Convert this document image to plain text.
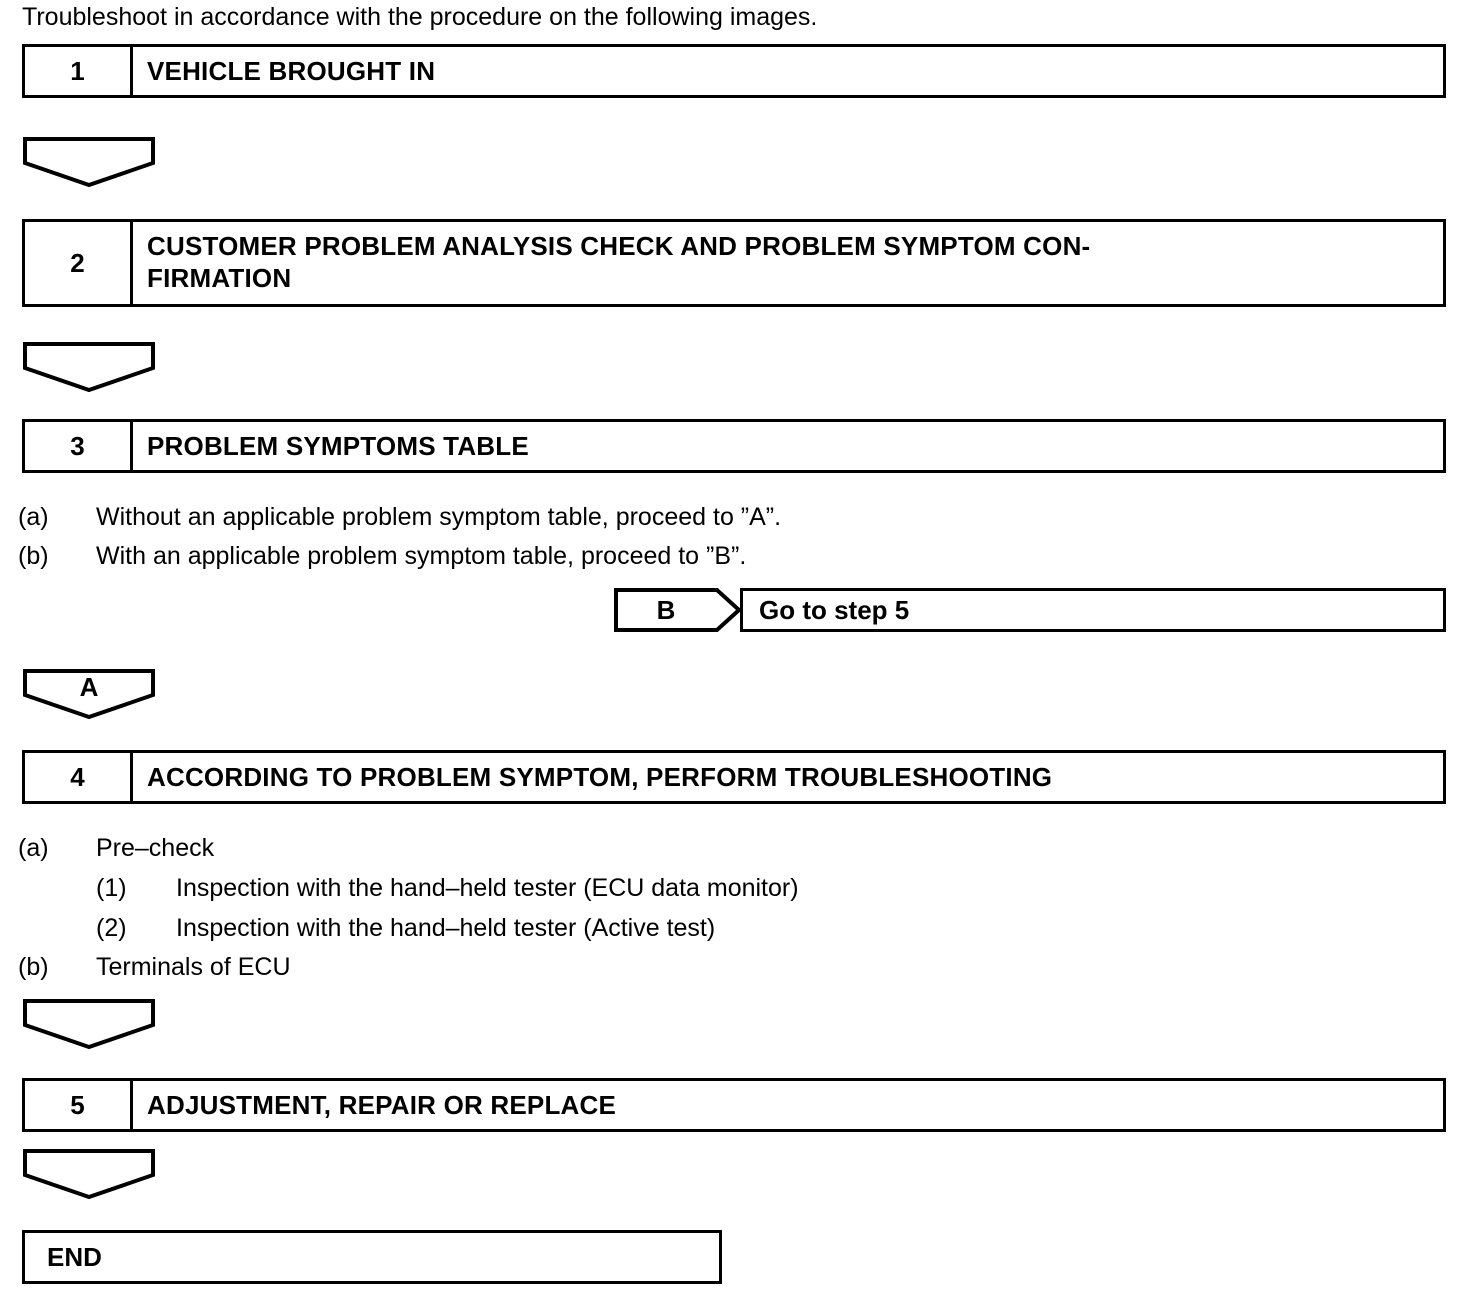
Troubleshoot in accordance with the procedure on the following images.
1	VEHICLE BROUGHT IN
2
CUSTOMER PROBLEM ANALYSIS CHECK AND PROBLEM SYMPTOM CON-
FIRMATION
3	PROBLEM SYMPTOMS TABLE
(a) Without an applicable problem symptom table, proceed to ”A”.
(b) With an applicable problem symptom table, proceed to ”B”.
B	Go to step 5
A
4	ACCORDING TO PROBLEM SYMPTOM, PERFORM TROUBLESHOOTING
(a) Pre–check
(1) Inspection with the hand–held tester (ECU data monitor)
(2) Inspection with the hand–held tester (Active test)
(b) Terminals of ECU
5	ADJUSTMENT, REPAIR OR REPLACE
END
